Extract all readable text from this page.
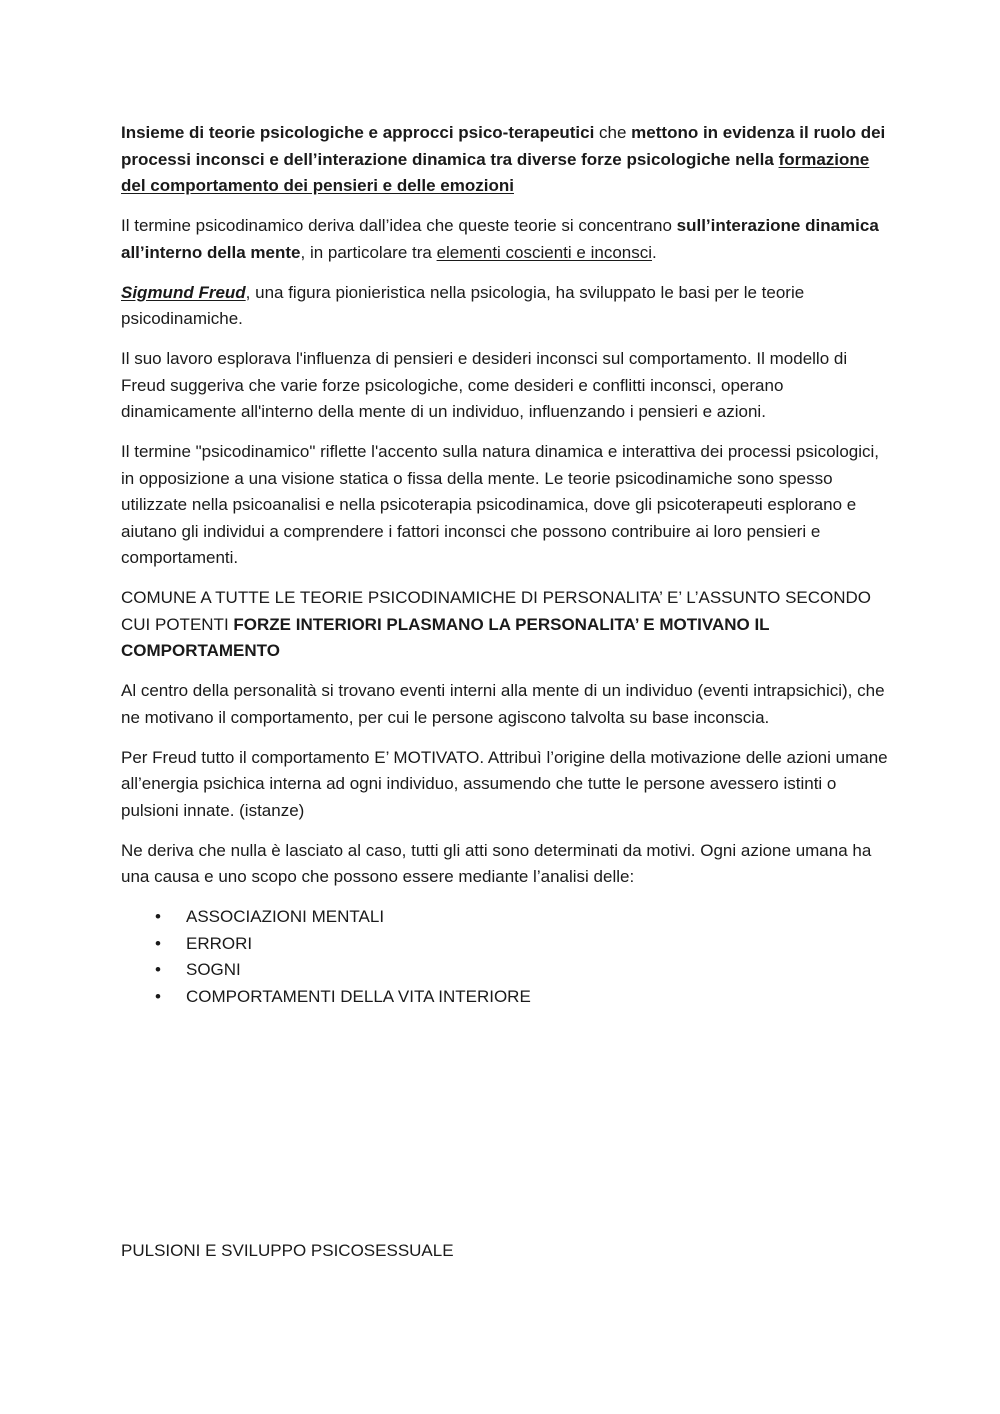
Insieme di teorie psicologiche e approcci psico-terapeutici che mettono in evidenza il ruolo dei processi inconsci e dell’interazione dinamica tra diverse forze psicologiche nella formazione del comportamento dei pensieri e delle emozioni

Il termine psicodinamico deriva dall’idea che queste teorie si concentrano sull’interazione dinamica all’interno della mente, in particolare tra elementi coscienti e inconsci.

Sigmund Freud, una figura pionieristica nella psicologia, ha sviluppato le basi per le teorie psicodinamiche.

Il suo lavoro esplorava l'influenza di pensieri e desideri inconsci sul comportamento. Il modello di Freud suggeriva che varie forze psicologiche, come desideri e conflitti inconsci, operano dinamicamente all'interno della mente di un individuo, influenzando i pensieri e azioni.

Il termine "psicodinamico" riflette l'accento sulla natura dinamica e interattiva dei processi psicologici, in opposizione a una visione statica o fissa della mente. Le teorie psicodinamiche sono spesso utilizzate nella psicoanalisi e nella psicoterapia psicodinamica, dove gli psicoterapeuti esplorano e aiutano gli individui a comprendere i fattori inconsci che possono contribuire ai loro pensieri e comportamenti.

COMUNE A TUTTE LE TEORIE PSICODINAMICHE DI PERSONALITA’ E’ L’ASSUNTO SECONDO CUI POTENTI FORZE INTERIORI PLASMANO LA PERSONALITA’ E MOTIVANO IL COMPORTAMENTO

Al centro della personalità si trovano eventi interni alla mente di un individuo (eventi intrapsichici), che ne motivano il comportamento, per cui le persone agiscono talvolta su base inconscia.

Per Freud tutto il comportamento E’ MOTIVATO. Attribuì l’origine della motivazione delle azioni umane all’energia psichica interna ad ogni individuo, assumendo che tutte le persone avessero istinti o pulsioni innate. (istanze)

Ne deriva che nulla è lasciato al caso, tutti gli atti sono determinati da motivi. Ogni azione umana ha una causa e uno scopo che possono essere mediante l’analisi delle:

• ASSOCIAZIONI MENTALI
• ERRORI
• SOGNI
• COMPORTAMENTI DELLA VITA INTERIORE
PULSIONI E SVILUPPO PSICOSESSUALE
